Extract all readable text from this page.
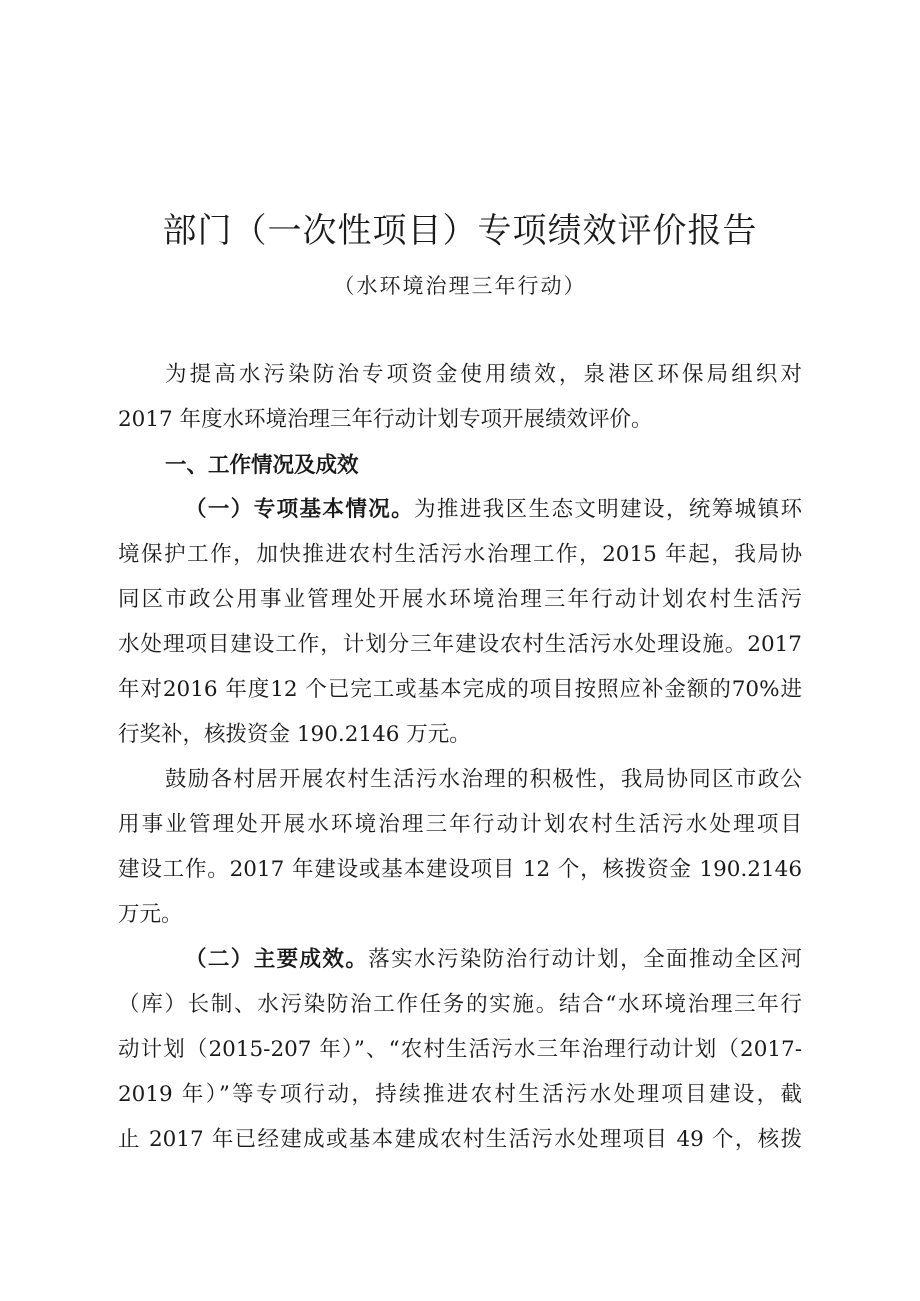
部门（一次性项目）专项绩效评价报告
（水环境治理三年行动）
为提高水污染防治专项资金使用绩效，泉港区环保局组织对
2017 年度水环境治理三年行动计划专项开展绩效评价。
一、工作情况及成效
（一）专项基本情况。为推进我区生态文明建设，统筹城镇环
境保护工作，加快推进农村生活污水治理工作，2015 年起，我局协
同区市政公用事业管理处开展水环境治理三年行动计划农村生活污
水处理项目建设工作，计划分三年建设农村生活污水处理设施。2017
年对2016 年度12 个已完工或基本完成的项目按照应补金额的70%进
行奖补，核拨资金 190.2146 万元。
鼓励各村居开展农村生活污水治理的积极性，我局协同区市政公
用事业管理处开展水环境治理三年行动计划农村生活污水处理项目
建设工作。2017 年建设或基本建设项目 12 个，核拨资金 190.2146
万元。
（二）主要成效。落实水污染防治行动计划，全面推动全区河
（库）长制、水污染防治工作任务的实施。结合“水环境治理三年行
动计划（2015-207 年）”、“农村生活污水三年治理行动计划（2017-
2019 年）”等专项行动，持续推进农村生活污水处理项目建设，截
止 2017 年已经建成或基本建成农村生活污水处理项目 49 个，核拨
